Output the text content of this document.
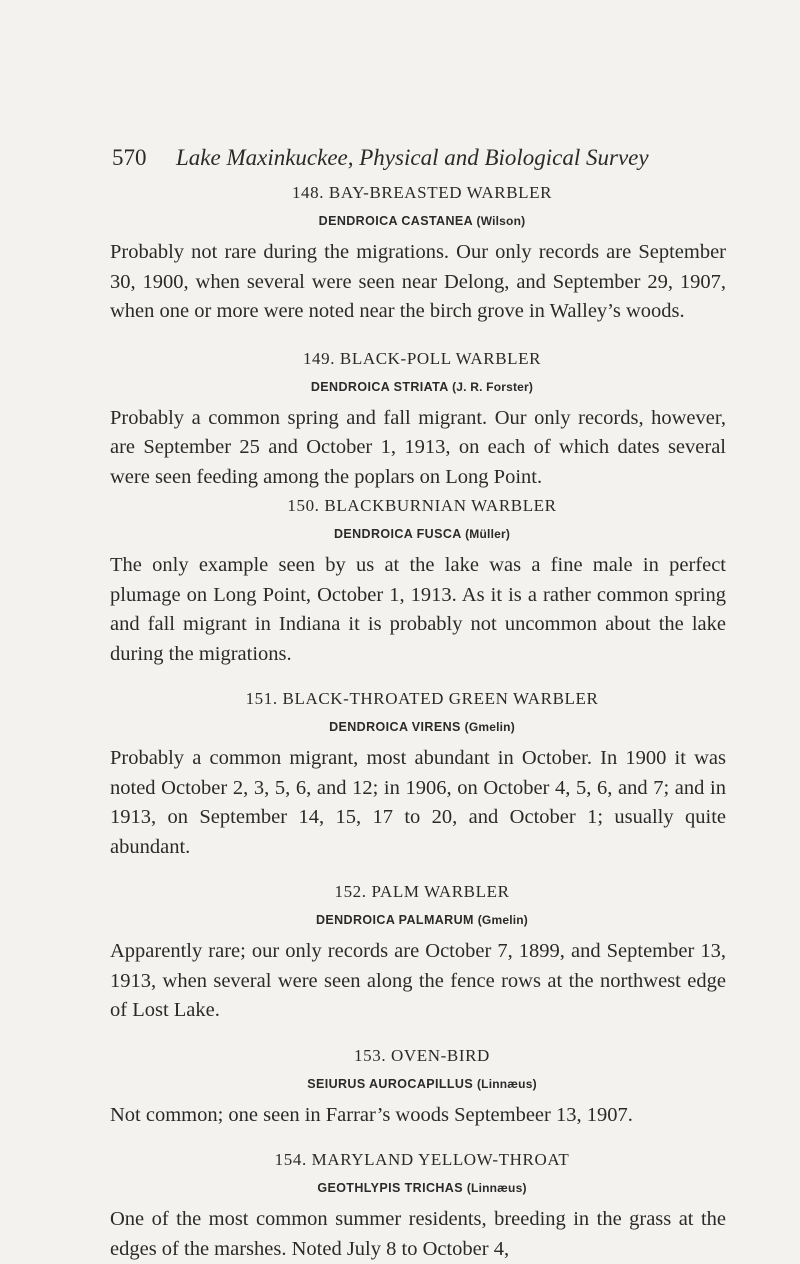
570 Lake Maxinkuckee, Physical and Biological Survey
148. BAY-BREASTED WARBLER
DENDROICA CASTANEA (Wilson)

Probably not rare during the migrations. Our only records are September 30, 1900, when several were seen near Delong, and September 29, 1907, when one or more were noted near the birch grove in Walley’s woods.

149. BLACK-POLL WARBLER
DENDROICA STRIATA (J. R. Forster)

Probably a common spring and fall migrant. Our only records, however, are September 25 and October 1, 1913, on each of which dates several were seen feeding among the poplars on Long Point.

150. BLACKBURNIAN WARBLER
DENDROICA FUSCA (Müller)

The only example seen by us at the lake was a fine male in perfect plumage on Long Point, October 1, 1913. As it is a rather common spring and fall migrant in Indiana it is probably not uncommon about the lake during the migrations.

151. BLACK-THROATED GREEN WARBLER
DENDROICA VIRENS (Gmelin)

Probably a common migrant, most abundant in October. In 1900 it was noted October 2, 3, 5, 6, and 12; in 1906, on October 4, 5, 6, and 7; and in 1913, on September 14, 15, 17 to 20, and October 1; usually quite abundant.

152. PALM WARBLER
DENDROICA PALMARUM (Gmelin)

Apparently rare; our only records are October 7, 1899, and September 13, 1913, when several were seen along the fence rows at the northwest edge of Lost Lake.

153. OVEN-BIRD
SEIURUS AUROCAPILLUS (Linnæus)

Not common; one seen in Farrar’s woods Septembeer 13, 1907.

154. MARYLAND YELLOW-THROAT
GEOTHLYPIS TRICHAS (Linnæus)

One of the most common summer residents, breeding in the grass at the edges of the marshes. Noted July 8 to October 4,
